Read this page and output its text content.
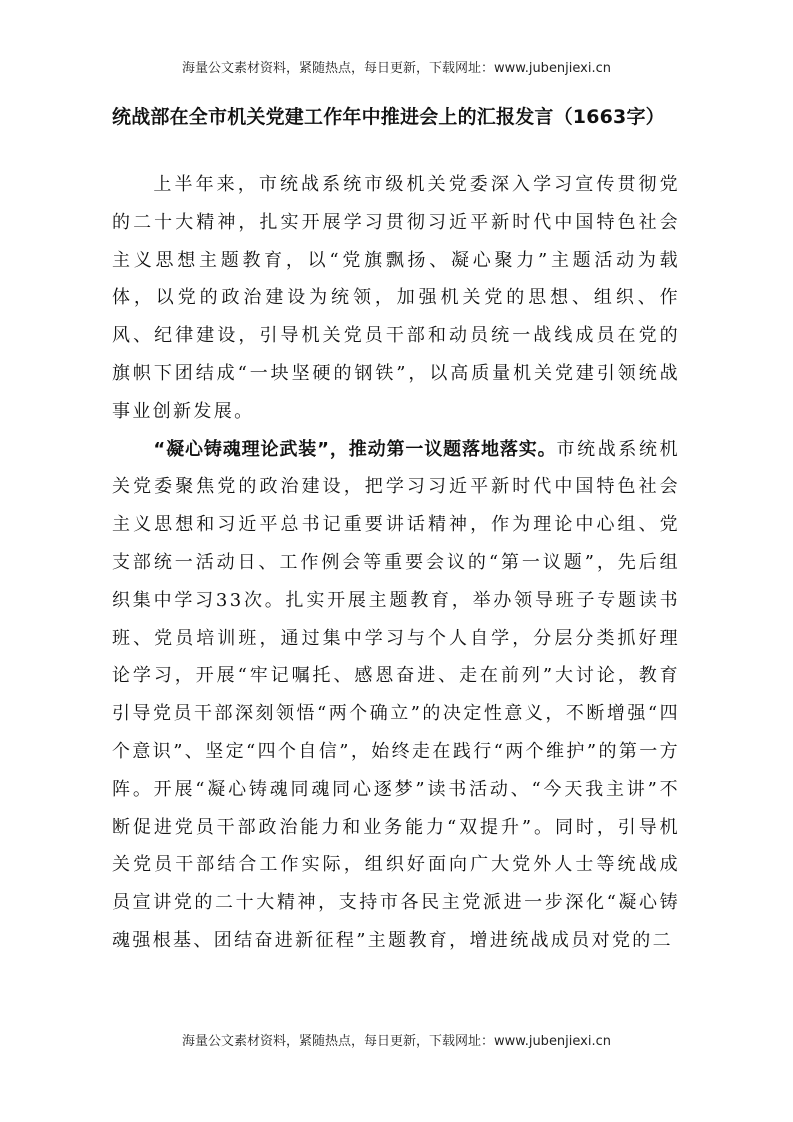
海量公文素材资料，紧随热点，每日更新，下载网址：www.jubenjiexi.cn
统战部在全市机关党建工作年中推进会上的汇报发言（1663字）

上半年来，市统战系统市级机关党委深入学习宣传贯彻党的二十大精神，扎实开展学习贯彻习近平新时代中国特色社会主义思想主题教育，以“党旗飘扬、凝心聚力”主题活动为载体，以党的政治建设为统领，加强机关党的思想、组织、作风、纪律建设，引导机关党员干部和动员统一战线成员在党的旗帜下团结成“一块坚硬的钢铁”，以高质量机关党建引领统战事业创新发展。

“凝心铸魂理论武装”，推动第一议题落地落实。市统战系统机关党委聚焦党的政治建设，把学习习近平新时代中国特色社会主义思想和习近平总书记重要讲话精神，作为理论中心组、党支部统一活动日、工作例会等重要会议的“第一议题”，先后组织集中学习33次。扎实开展主题教育，举办领导班子专题读书班、党员培训班，通过集中学习与个人自学，分层分类抓好理论学习，开展“牢记嘱托、感恩奋进、走在前列”大讨论，教育引导党员干部深刻领悟“两个确立”的决定性意义，不断增强“四个意识”、坚定“四个自信”，始终走在践行“两个维护”的第一方阵。开展“凝心铸魂同魂同心逐梦”读书活动、“今天我主讲”不断促进党员干部政治能力和业务能力“双提升”。同时，引导机关党员干部结合工作实际，组织好面向广大党外人士等统战成员宣讲党的二十大精神，支持市各民主党派进一步深化“凝心铸魂强根基、团结奋进新征程”主题教育，增进统战成员对党的二

海量公文素材资料，紧随热点，每日更新，下载网址：www.jubenjiexi.cn
